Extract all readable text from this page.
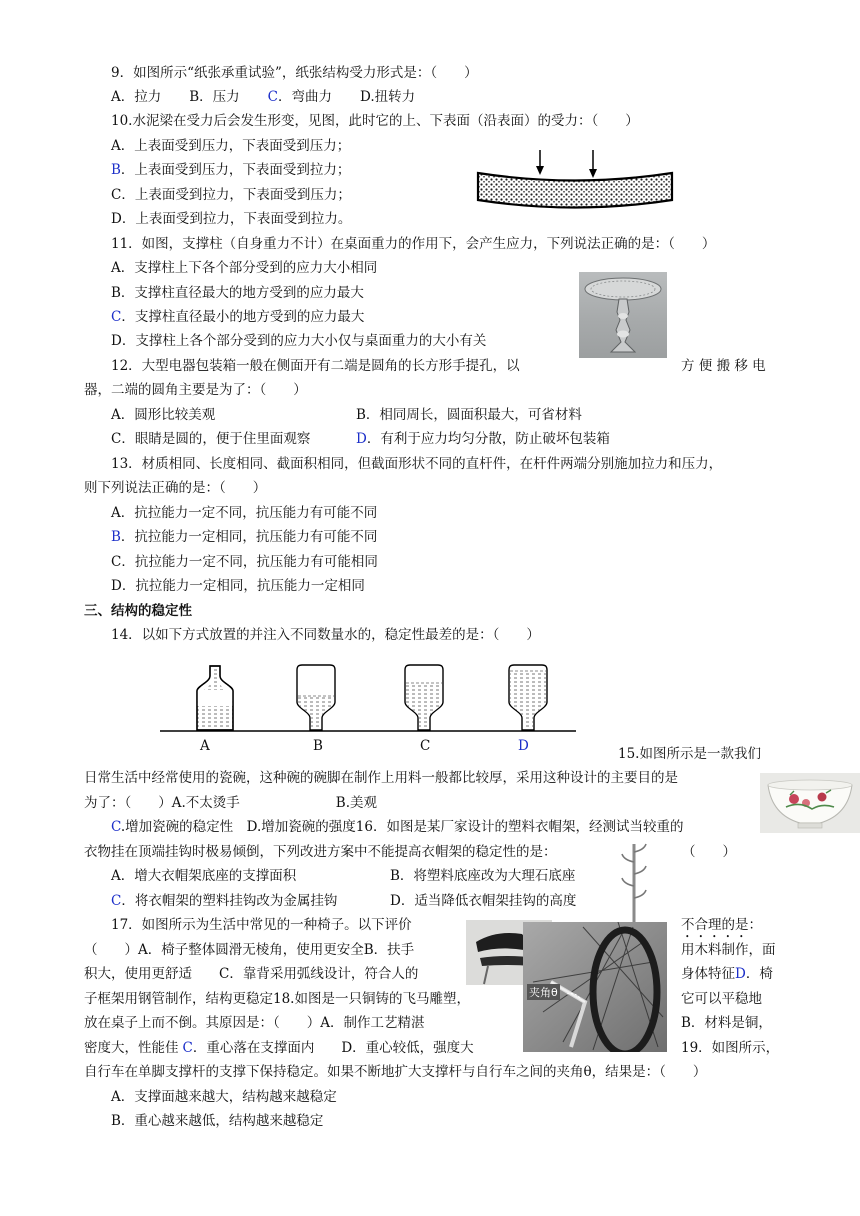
9．如图所示“纸张承重试验”，纸张结构受力形式是：（　　）
A．拉力 B．压力 C．弯曲力 D.扭转力
10.水泥梁在受力后会发生形变，见图，此时它的上、下表面（沿表面）的受力：（　　）
A．上表面受到压力，下表面受到压力；
B．上表面受到压力，下表面受到拉力；
C．上表面受到拉力，下表面受到压力；
D．上表面受到拉力，下表面受到拉力。
11．如图，支撑柱（自身重力不计）在桌面重力的作用下，会产生应力，下列说法正确的是：（　　）
A．支撑柱上下各个部分受到的应力大小相同
B．支撑柱直径最大的地方受到的应力最大
C．支撑柱直径最小的地方受到的应力最大
D．支撑柱上各个部分受到的应力大小仅与桌面重力的大小有关
12．大型电器包装箱一般在侧面开有二端是圆角的长方形手提孔，以	方 便 搬 移 电
器，二端的圆角主要是为了：（　　）
A．圆形比较美观	B．相同周长，圆面积最大，可省材料
C．眼睛是圆的，便于住里面观察	D．有利于应力均匀分散，防止破坏包装箱
13．材质相同、长度相同、截面积相同，但截面形状不同的直杆件，在杆件两端分别施加拉力和压力，
则下列说法正确的是：（　　）
A．抗拉能力一定不同，抗压能力有可能不同
B．抗拉能力一定相同，抗压能力有可能不同
C．抗拉能力一定不同，抗压能力有可能相同
D．抗拉能力一定相同，抗压能力一定相同
三、结构的稳定性
14．以如下方式放置的并注入不同数量水的，稳定性最差的是：（　　）
A	B	C	D	15.如图所示是一款我们
日常生活中经常使用的瓷碗，这种碗的碗脚在制作上用料一般都比较厚，采用这种设计的主要目的是
为了：（　　）A.不太烫手	B.美观
C.增加瓷碗的稳定性　D.增加瓷碗的强度16．如图是某厂家设计的塑料衣帽架，经测试当较重的
衣物挂在顶端挂钩时极易倾倒，下列改进方案中不能提高衣帽架的稳定性的是：	（　　）
A．增大衣帽架底座的支撑面积	B．将塑料底座改为大理石底座
C．将衣帽架的塑料挂钩改为金属挂钩	D．适当降低衣帽架挂钩的高度
夹角θ
17．如图所示为生活中常见的一种椅子。以下评价	不合理的是：
（　　）A．椅子整体圆滑无棱角，使用更安全B．扶手	用木料制作，面
积大，使用更舒适　　C．靠背采用弧线设计，符合人的	身体特征D．椅
子框架用钢管制作，结构更稳定18.如图是一只铜铸的飞马雕塑，	它可以平稳地
放在桌子上而不倒。其原因是：（　　）A．制作工艺精湛	B．材料是铜，
密度大，性能佳 C．重心落在支撑面内　　D．重心较低，强度大	19．如图所示，
自行车在单脚支撑杆的支撑下保持稳定。如果不断地扩大支撑杆与自行车之间的夹角θ，结果是：（　　）
A．支撑面越来越大，结构越来越稳定
B．重心越来越低，结构越来越稳定
